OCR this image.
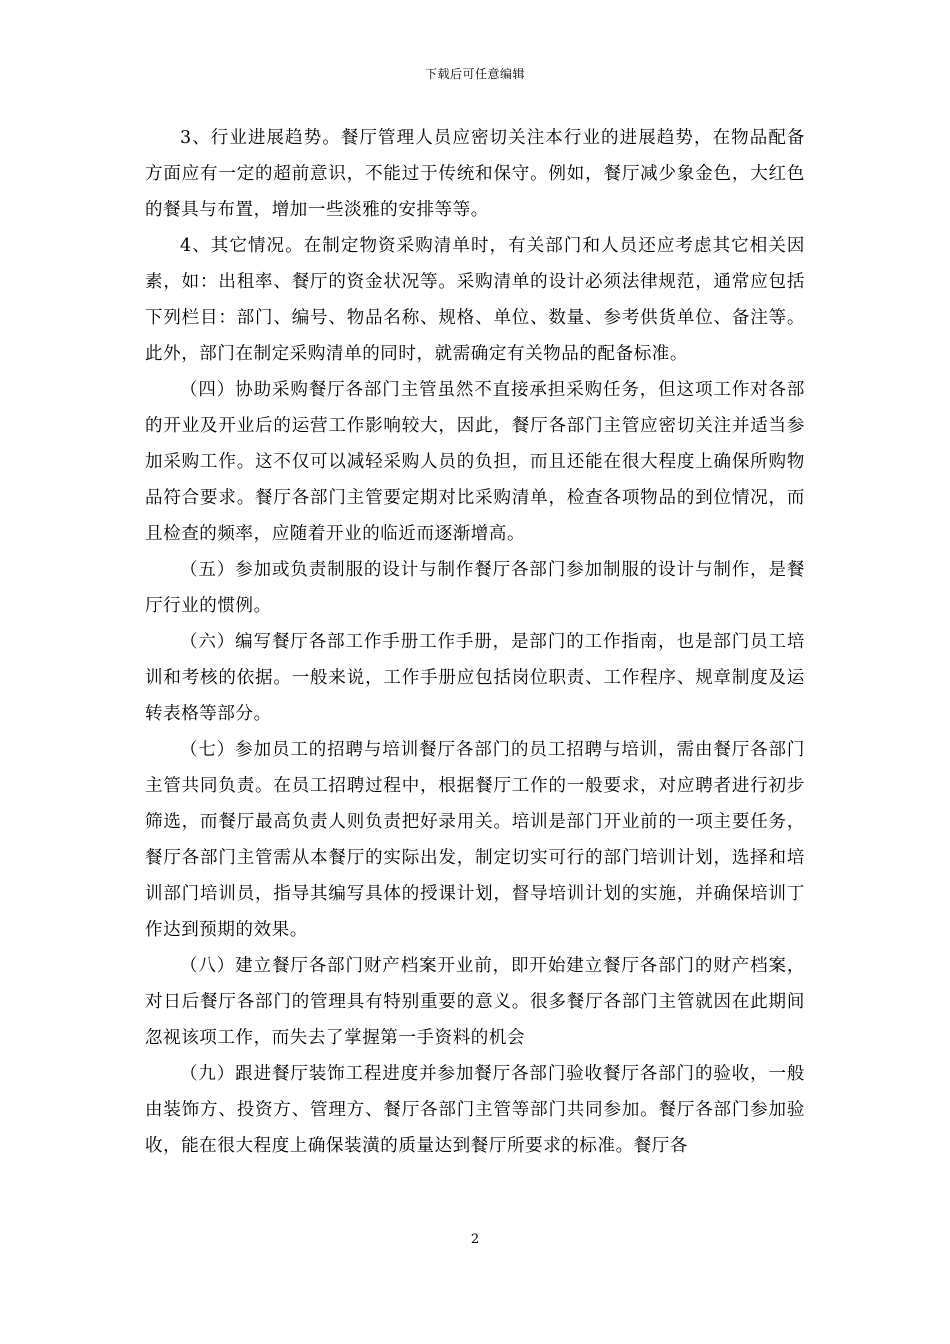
下载后可任意编辑

3、行业进展趋势。餐厅管理人员应密切关注本行业的进展趋势，在物品配备方面应有一定的超前意识，不能过于传统和保守。例如，餐厅减少象金色，大红色的餐具与布置，增加一些淡雅的安排等等。

4、其它情况。在制定物资采购清单时，有关部门和人员还应考虑其它相关因素，如：出租率、餐厅的资金状况等。采购清单的设计必须法律规范，通常应包括下列栏目：部门、编号、物品名称、规格、单位、数量、参考供货单位、备注等。此外，部门在制定采购清单的同时，就需确定有关物品的配备标准。

（四）协助采购餐厅各部门主管虽然不直接承担采购任务，但这项工作对各部的开业及开业后的运营工作影响较大，因此，餐厅各部门主管应密切关注并适当参加采购工作。这不仅可以减轻采购人员的负担，而且还能在很大程度上确保所购物品符合要求。餐厅各部门主管要定期对比采购清单，检查各项物品的到位情况，而且检查的频率，应随着开业的临近而逐渐增高。

（五）参加或负责制服的设计与制作餐厅各部门参加制服的设计与制作，是餐厅行业的惯例。

（六）编写餐厅各部工作手册工作手册，是部门的工作指南，也是部门员工培训和考核的依据。一般来说，工作手册应包括岗位职责、工作程序、规章制度及运转表格等部分。

（七）参加员工的招聘与培训餐厅各部门的员工招聘与培训，需由餐厅各部门主管共同负责。在员工招聘过程中，根据餐厅工作的一般要求，对应聘者进行初步筛选，而餐厅最高负责人则负责把好录用关。培训是部门开业前的一项主要任务，餐厅各部门主管需从本餐厅的实际出发，制定切实可行的部门培训计划，选择和培训部门培训员，指导其编写具体的授课计划，督导培训计划的实施，并确保培训丁作达到预期的效果。

（八）建立餐厅各部门财产档案开业前，即开始建立餐厅各部门的财产档案，对日后餐厅各部门的管理具有特别重要的意义。很多餐厅各部门主管就因在此期间忽视该项工作，而失去了掌握第一手资料的机会

（九）跟进餐厅装饰工程进度并参加餐厅各部门验收餐厅各部门的验收，一般由装饰方、投资方、管理方、餐厅各部门主管等部门共同参加。餐厅各部门参加验收，能在很大程度上确保装潢的质量达到餐厅所要求的标准。餐厅各

2
